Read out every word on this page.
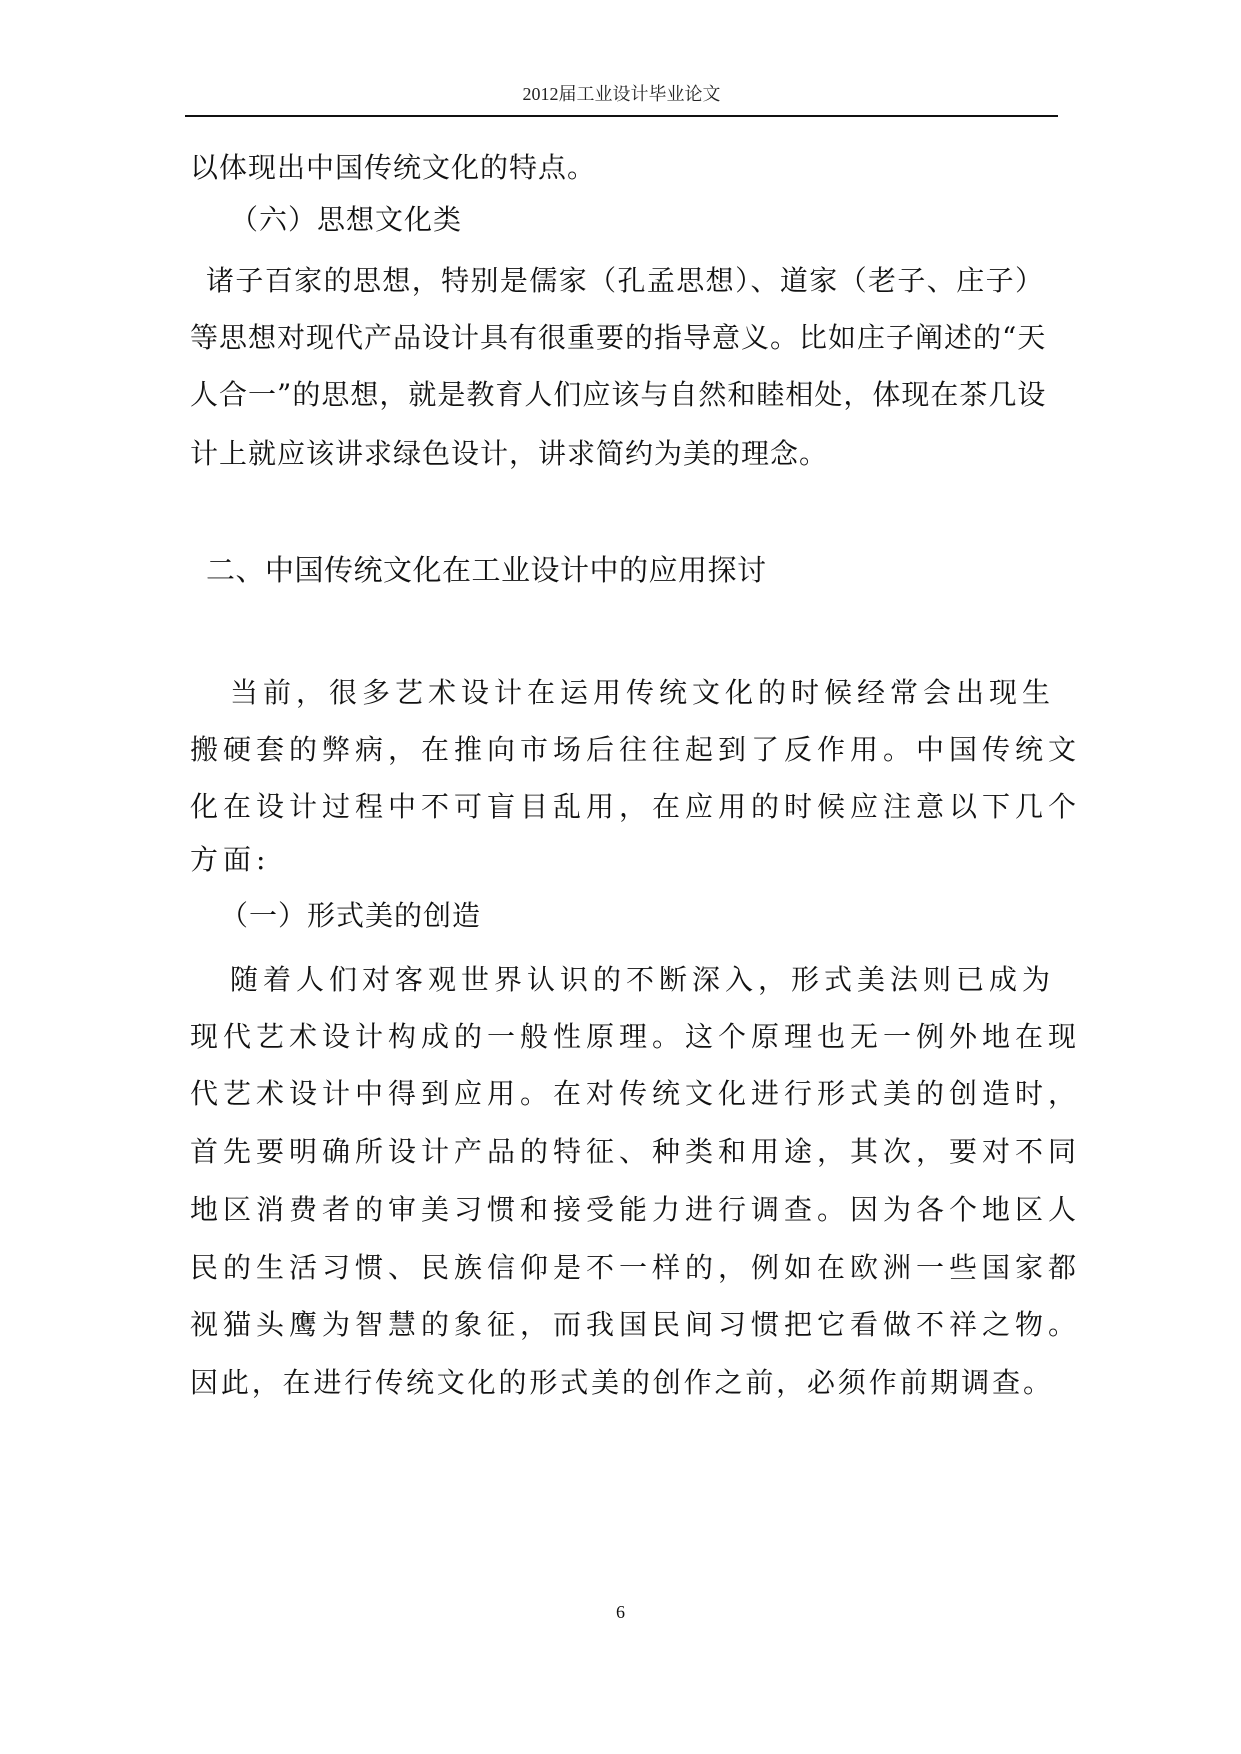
2012届工业设计毕业论文
以体现出中国传统文化的特点。
（六）思想文化类
诸子百家的思想，特别是儒家（孔孟思想）、道家（老子、庄子）
等思想对现代产品设计具有很重要的指导意义。比如庄子阐述的“天
人合一”的思想，就是教育人们应该与自然和睦相处，体现在茶几设
计上就应该讲求绿色设计，讲求简约为美的理念。
二、中国传统文化在工业设计中的应用探讨
当前，很多艺术设计在运用传统文化的时候经常会出现生
搬硬套的弊病，在推向市场后往往起到了反作用。中国传统文
化在设计过程中不可盲目乱用，在应用的时候应注意以下几个
方面:
（一）形式美的创造
随着人们对客观世界认识的不断深入，形式美法则已成为
现代艺术设计构成的一般性原理。这个原理也无一例外地在现
代艺术设计中得到应用。在对传统文化进行形式美的创造时，
首先要明确所设计产品的特征、种类和用途，其次，要对不同
地区消费者的审美习惯和接受能力进行调查。因为各个地区人
民的生活习惯、民族信仰是不一样的，例如在欧洲一些国家都
视猫头鹰为智慧的象征，而我国民间习惯把它看做不祥之物。
因此，在进行传统文化的形式美的创作之前，必须作前期调查。
6
